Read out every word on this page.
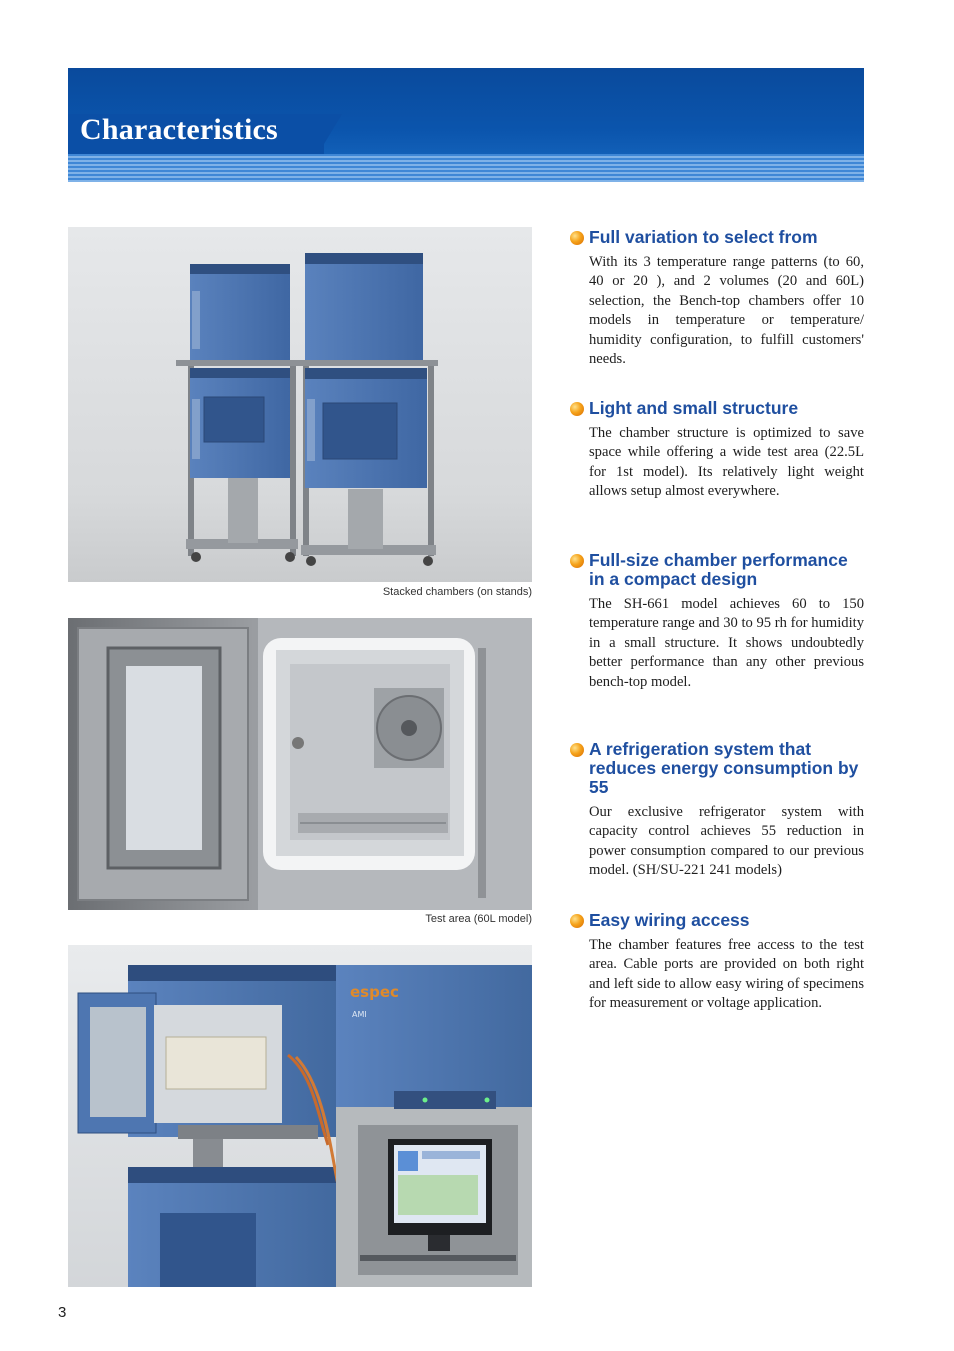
Characteristics
Stacked chambers (on stands)
Test area (60L model)
espec
AMI
Full variation to select from
With its 3 temperature range patterns (to 60, 40 or 20 ), and 2 volumes (20 and 60L) selection, the Bench-top chambers offer 10 models in temperature or temperature/ humidity configuration, to fulfill customers' needs.
Light and small structure
The chamber structure is optimized to save space while offering a wide test area (22.5L for 1st model). Its relatively light weight allows setup almost everywhere.
Full-size chamber performance in a compact design
The SH-661 model achieves 60 to 150 temperature range and 30 to 95 rh for humidity in a small structure. It shows undoubtedly better performance than any other previous bench-top model.
A refrigeration system that reduces energy consumption by 55
Our exclusive refrigerator system with capacity control achieves 55 reduction in power consumption compared to our previous model. (SH/SU-221 241 models)
Easy wiring access
The chamber features free access to the test area. Cable ports are provided on both right and left side to allow easy wiring of specimens for measurement or voltage application.
3
